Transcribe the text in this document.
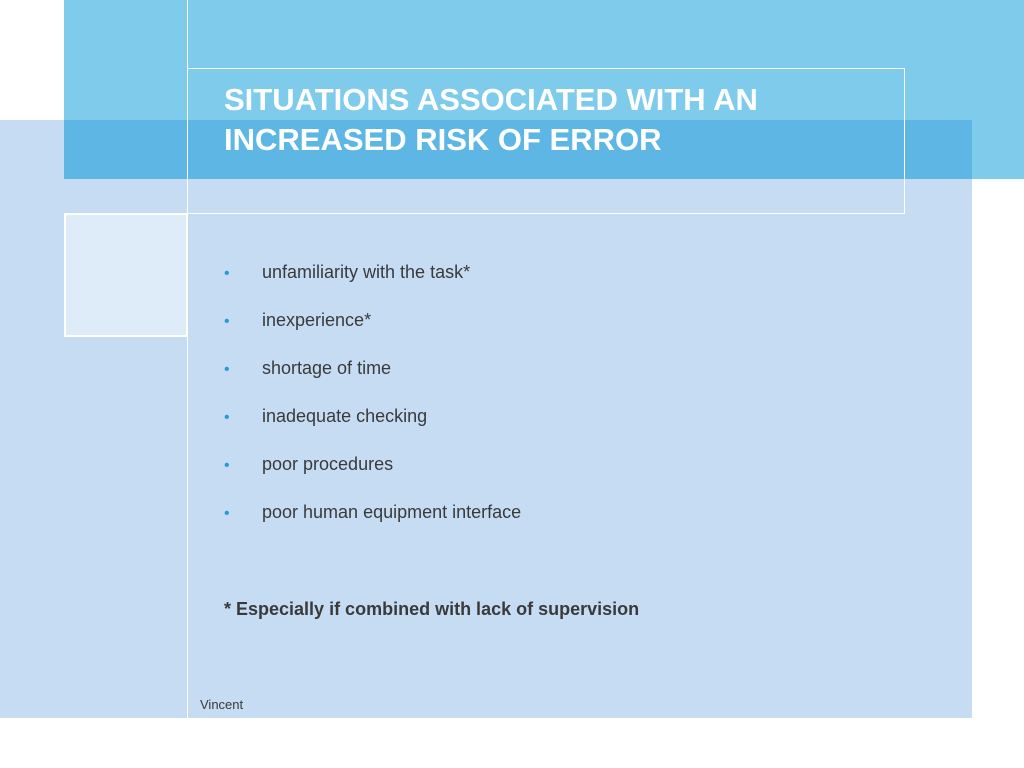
SITUATIONS ASSOCIATED WITH AN
INCREASED RISK OF ERROR
•	unfamiliarity with the task*
•	inexperience*
•	shortage of time
•	inadequate checking
•	poor procedures
•	poor human equipment interface

* Especially if combined with lack of supervision

Vincent
